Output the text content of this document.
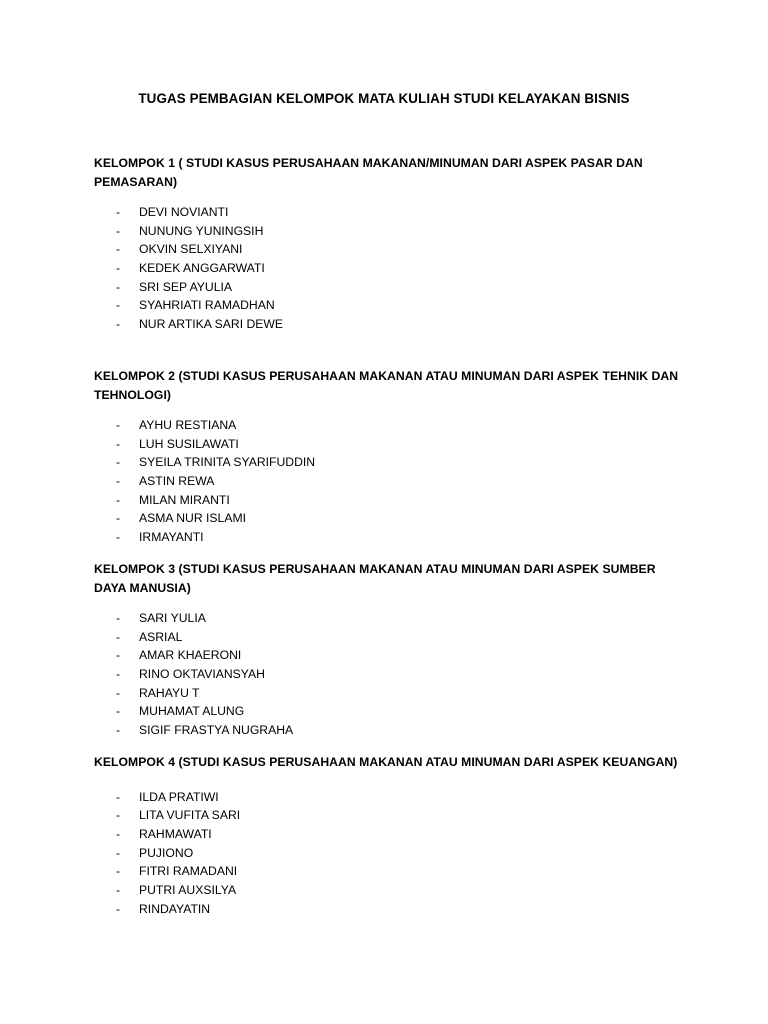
TUGAS PEMBAGIAN KELOMPOK MATA KULIAH STUDI KELAYAKAN BISNIS

KELOMPOK 1 ( STUDI KASUS PERUSAHAAN MAKANAN/MINUMAN DARI ASPEK PASAR DAN PEMASARAN)

- DEVI NOVIANTI
- NUNUNG YUNINGSIH
- OKVIN SELXIYANI
- KEDEK ANGGARWATI
- SRI SEP AYULIA
- SYAHRIATI RAMADHAN
- NUR ARTIKA SARI DEWE

KELOMPOK 2 (STUDI KASUS PERUSAHAAN MAKANAN ATAU MINUMAN DARI ASPEK TEHNIK DAN TEHNOLOGI)

- AYHU RESTIANA
- LUH SUSILAWATI
- SYEILA TRINITA SYARIFUDDIN
- ASTIN REWA
- MILAN MIRANTI
- ASMA NUR ISLAMI
- IRMAYANTI

KELOMPOK 3 (STUDI KASUS PERUSAHAAN MAKANAN ATAU MINUMAN DARI ASPEK SUMBER DAYA MANUSIA)

- SARI YULIA
- ASRIAL
- AMAR KHAERONI
- RINO OKTAVIANSYAH
- RAHAYU T
- MUHAMAT ALUNG
- SIGIF FRASTYA NUGRAHA

KELOMPOK 4 (STUDI KASUS PERUSAHAAN MAKANAN ATAU MINUMAN DARI ASPEK KEUANGAN)

- ILDA PRATIWI
- LITA VUFITA SARI
- RAHMAWATI
- PUJIONO
- FITRI RAMADANI
- PUTRI AUXSILYA
- RINDAYATIN
